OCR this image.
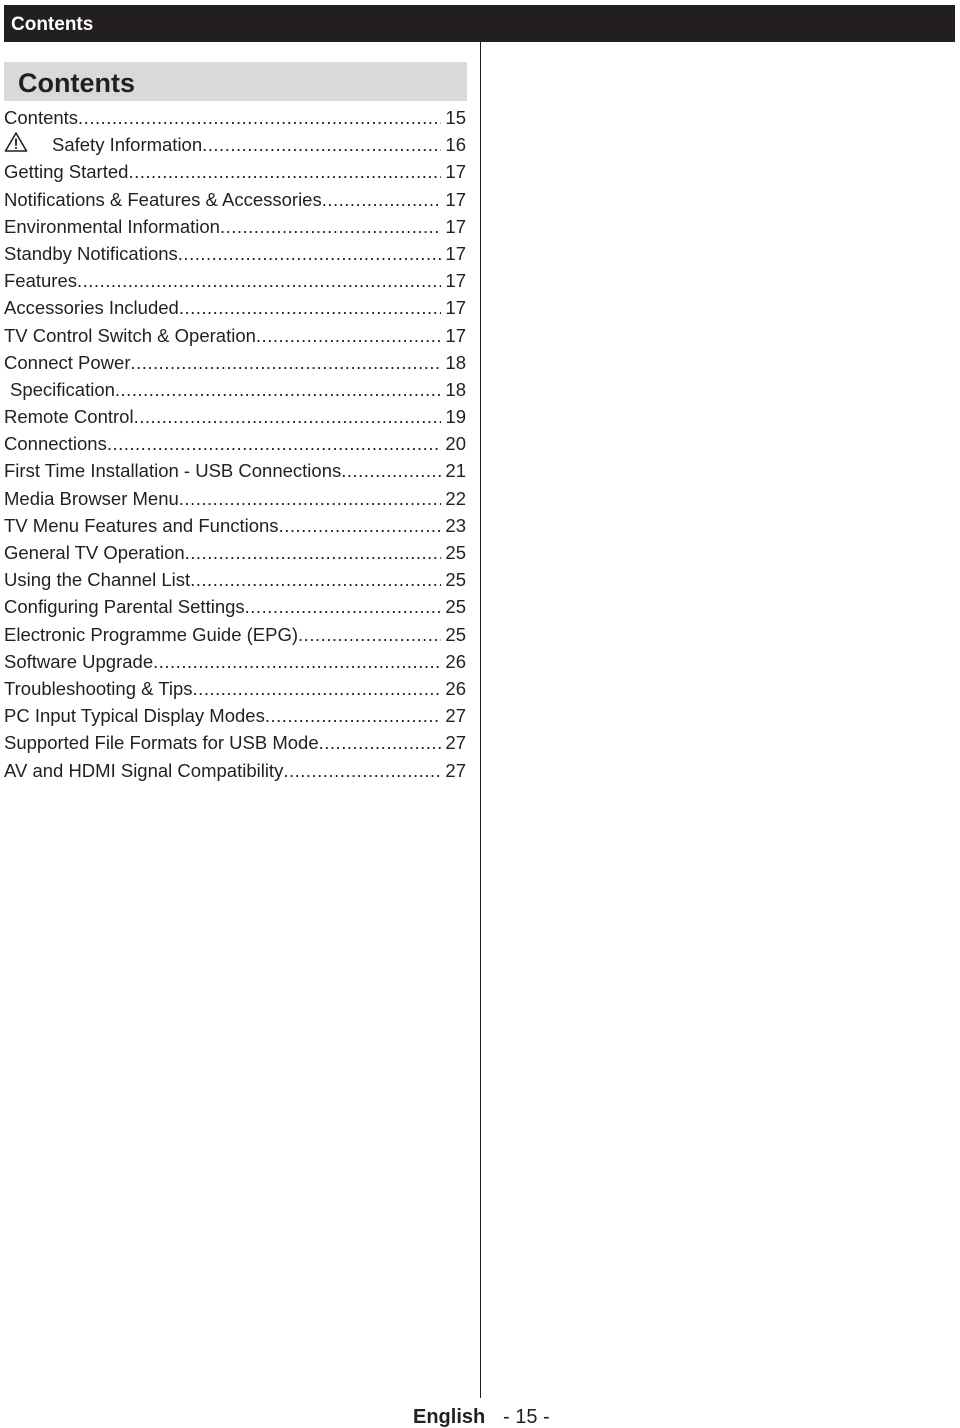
Contents
Contents
Contents .....	15
Safety Information .....	16
Getting Started .....	17
Notifications & Features & Accessories .....	17
Environmental Information .....	17
Standby Notifications .....	17
Features .....	17
Accessories Included .....	17
TV Control Switch & Operation .....	17
Connect Power .....	18
Specification .....	18
Remote Control .....	19
Connections .....	20
First Time Installation - USB Connections .....	21
Media Browser Menu .....	22
TV Menu Features and Functions .....	23
General TV Operation .....	25
Using the Channel List .....	25
Configuring Parental Settings .....	25
Electronic Programme Guide (EPG) .....	25
Software Upgrade .....	26
Troubleshooting & Tips .....	26
PC Input Typical Display Modes .....	27
Supported File Formats for USB Mode .....	27
AV and HDMI Signal Compatibility .....	27
English - 15 -
